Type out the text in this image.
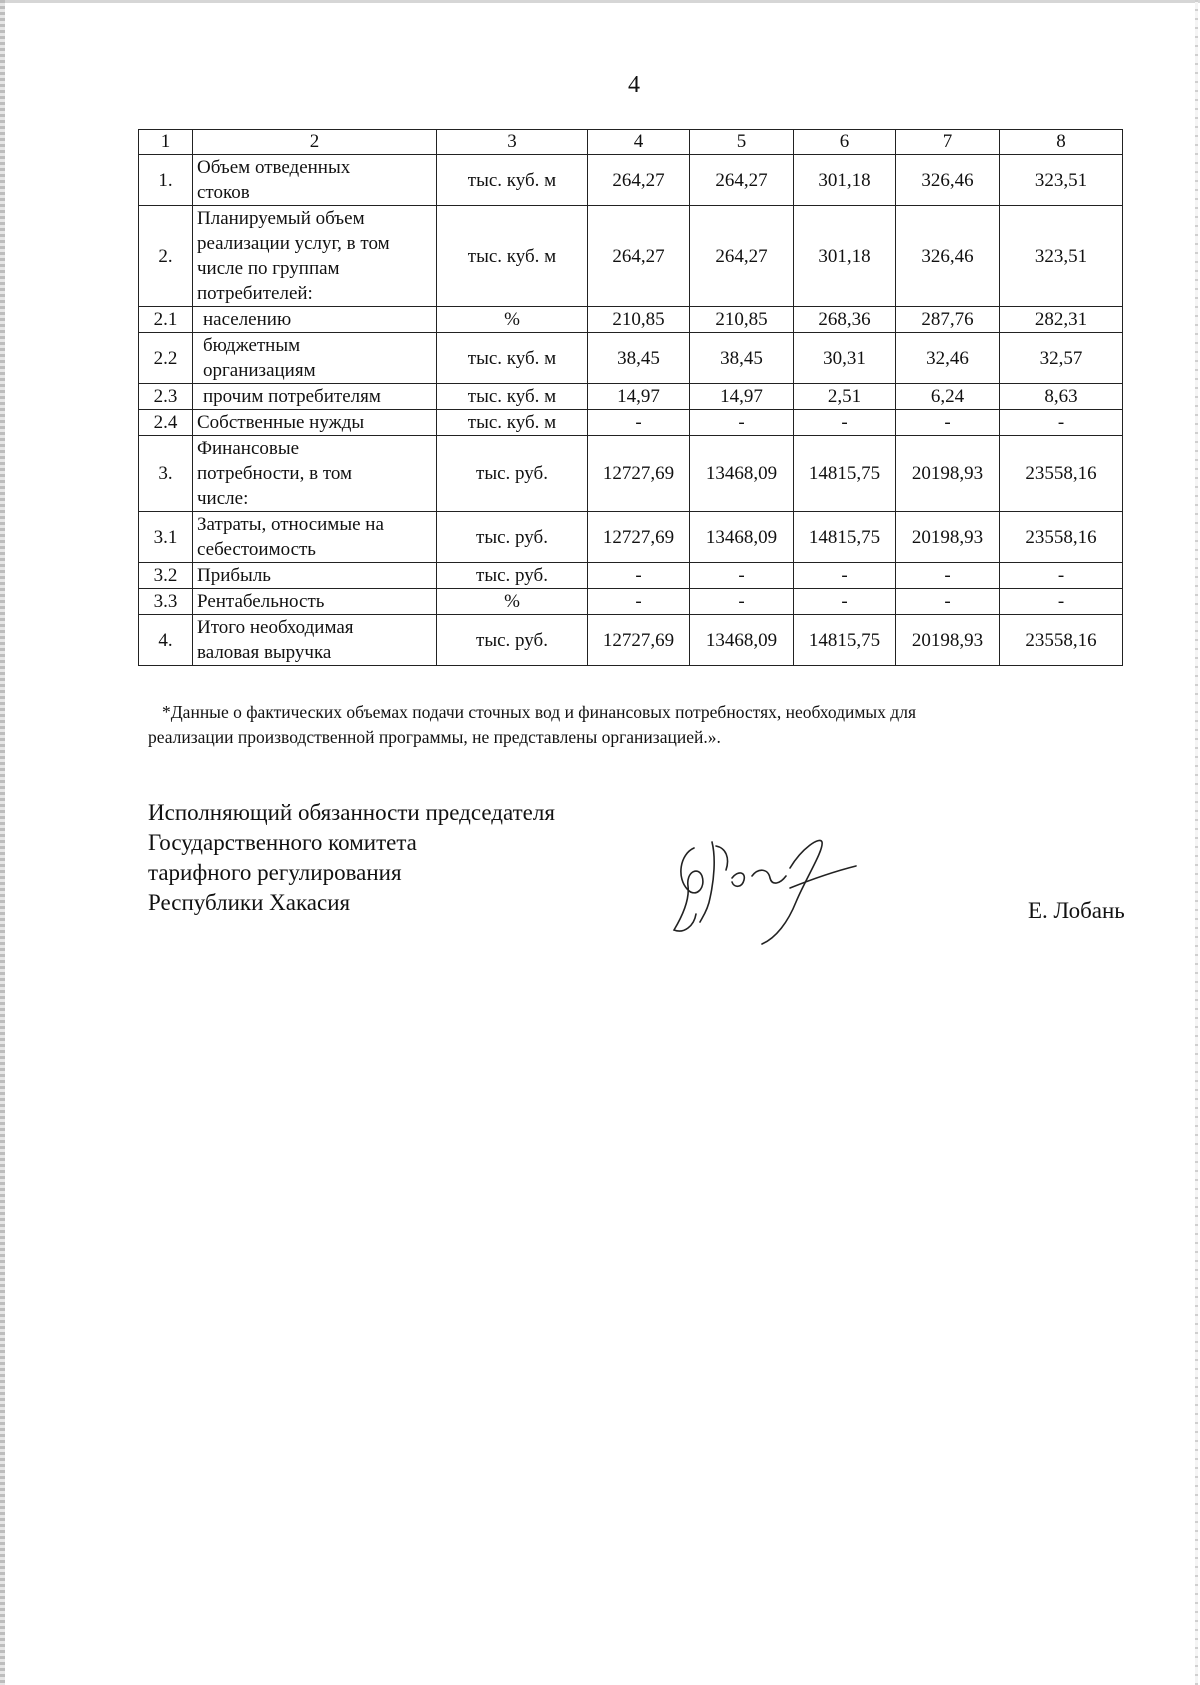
4
1	2	3	4	5	6	7	8
1.	Объем отведенных
стоков	тыс. куб. м	264,27	264,27	301,18	326,46	323,51
2.	Планируемый объем
реализации услуг, в том
числе по группам
потребителей:	тыс. куб. м	264,27	264,27	301,18	326,46	323,51
2.1	населению	%	210,85	210,85	268,36	287,76	282,31
2.2	бюджетным
организациям	тыс. куб. м	38,45	38,45	30,31	32,46	32,57
2.3	прочим потребителям	тыс. куб. м	14,97	14,97	2,51	6,24	8,63
2.4	Собственные нужды	тыс. куб. м	-	-	-	-	-
3.	Финансовые
потребности, в том
числе:	тыс. руб.	12727,69	13468,09	14815,75	20198,93	23558,16
3.1	Затраты, относимые на
себестоимость	тыс. руб.	12727,69	13468,09	14815,75	20198,93	23558,16
3.2	Прибыль	тыс. руб.	-	-	-	-	-
3.3	Рентабельность	%	-	-	-	-	-
4.	Итого необходимая
валовая выручка	тыс. руб.	12727,69	13468,09	14815,75	20198,93	23558,16
*Данные о фактических объемах подачи сточных вод и финансовых потребностях, необходимых для
реализации производственной программы, не представлены организацией.».
Исполняющий обязанности председателя
Государственного комитета
тарифного регулирования
Республики Хакасия	Е. Лобань
